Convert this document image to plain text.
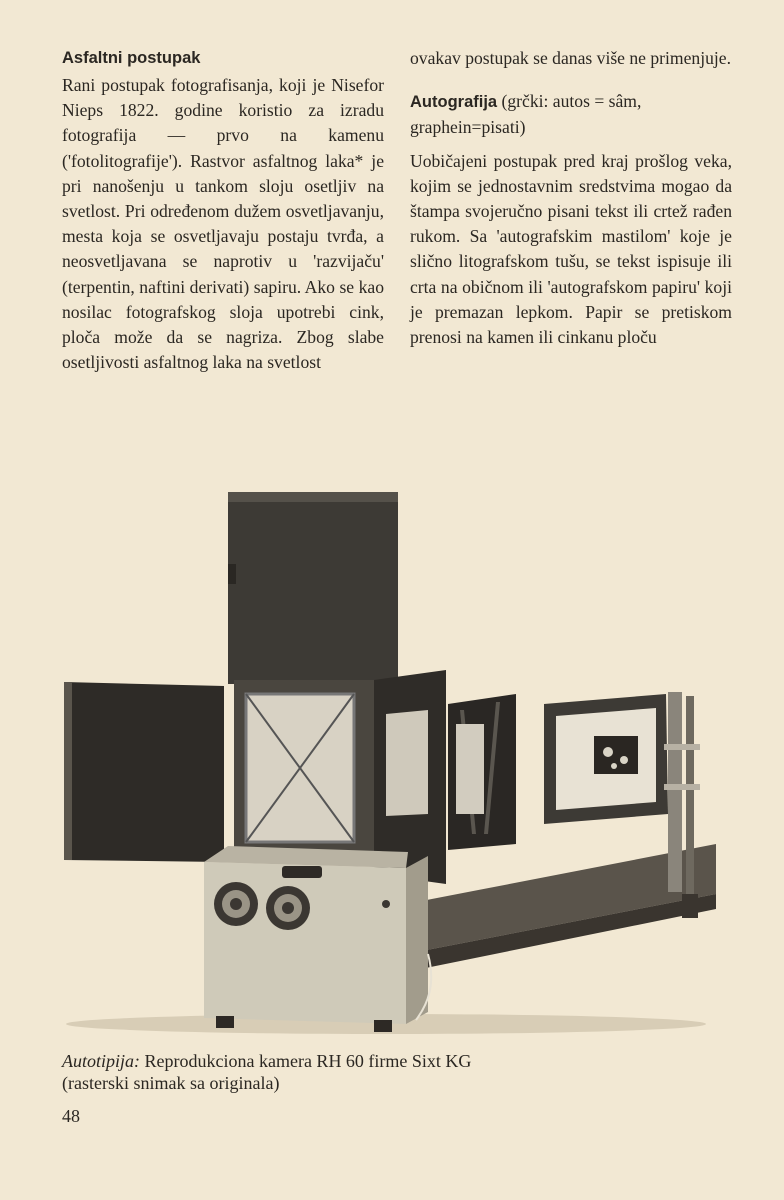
Asfaltni postupak

Rani postupak fotografisanja, koji je Nisefor Nieps 1822. godine koristio za izradu fotografija — prvo na kamenu ('fotolitografije'). Rastvor asfaltnog laka* je pri nanošenju u tankom sloju osetljiv na svetlost. Pri određenom dužem osvetljavanju, mesta koja se osvetljavaju postaju tvrđa, a neosvetljavana se naprotiv u 'razvijaču' (terpentin, naftini derivati) sapiru. Ako se kao nosilac fotografskog sloja upotrebi cink, ploča može da se nagriza. Zbog slabe osetljivosti asfaltnog laka na svetlost

ovakav postupak se danas više ne primenjuje.

Autografija (grčki: autos = sâm, graphein=pisati)

Uobičajeni postupak pred kraj prošlog veka, kojim se jednostavnim sredstvima mogao da štampa svojeručno pisani tekst ili crtež rađen rukom. Sa 'autografskim mastilom' koje je slično litografskom tušu, se tekst ispisuje ili crta na običnom ili 'autografskom papiru' koji je premazan lepkom. Papir se pretiskom prenosi na kamen ili cinkanu ploču

Autotipija: Reprodukciona kamera RH 60 firme Sixt KG
(rasterski snimak sa originala)
48
